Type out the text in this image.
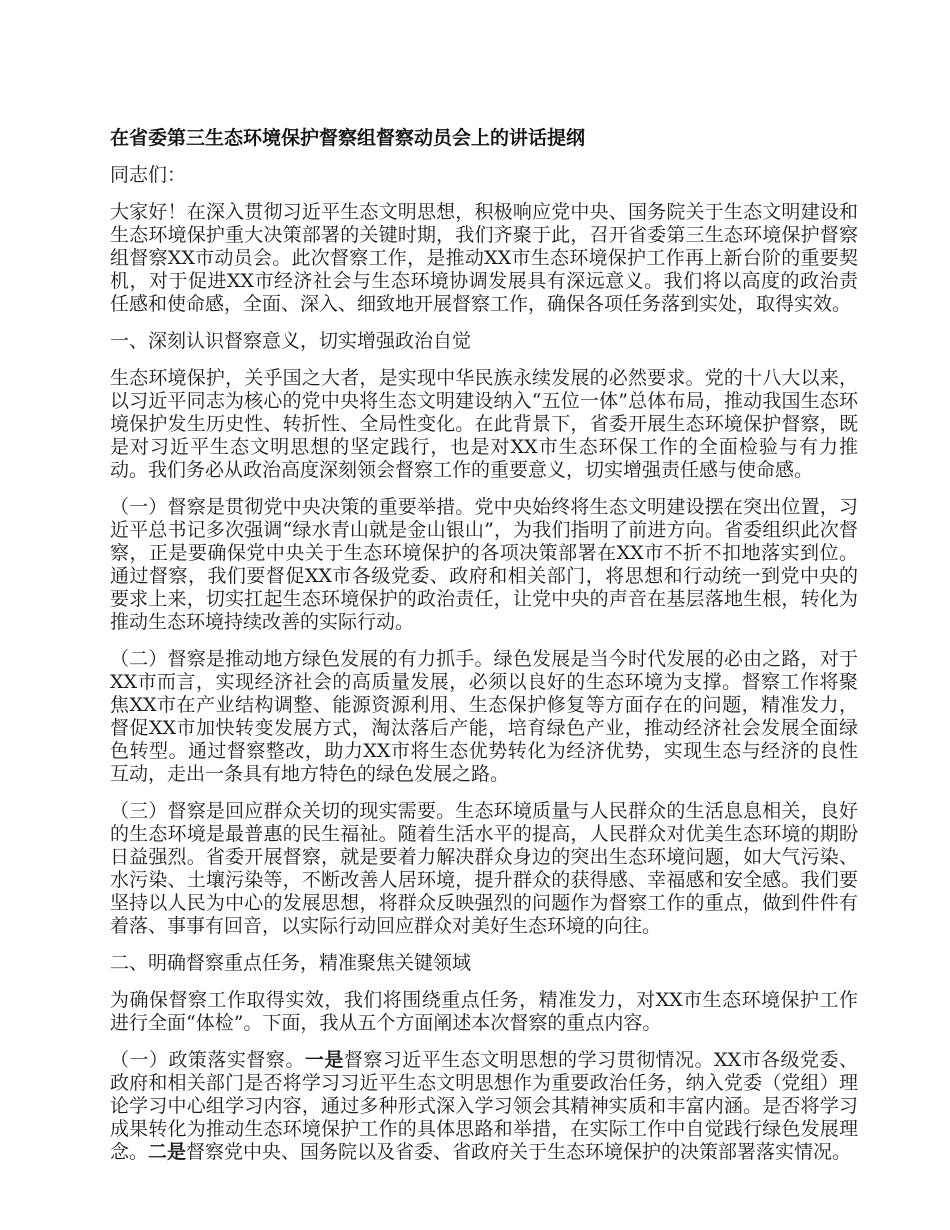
在省委第三生态环境保护督察组督察动员会上的讲话提纲

同志们：

大家好！在深入贯彻习近平生态文明思想，积极响应党中央、国务院关于生态文明建设和生态环境保护重大决策部署的关键时期，我们齐聚于此，召开省委第三生态环境保护督察组督察XX市动员会。此次督察工作，是推动XX市生态环境保护工作再上新台阶的重要契机，对于促进XX市经济社会与生态环境协调发展具有深远意义。我们将以高度的政治责任感和使命感，全面、深入、细致地开展督察工作，确保各项任务落到实处，取得实效。

一、深刻认识督察意义，切实增强政治自觉

生态环境保护，关乎国之大者，是实现中华民族永续发展的必然要求。党的十八大以来，以习近平同志为核心的党中央将生态文明建设纳入“五位一体”总体布局，推动我国生态环境保护发生历史性、转折性、全局性变化。在此背景下，省委开展生态环境保护督察，既是对习近平生态文明思想的坚定践行，也是对XX市生态环保工作的全面检验与有力推动。我们务必从政治高度深刻领会督察工作的重要意义，切实增强责任感与使命感。

（一）督察是贯彻党中央决策的重要举措。党中央始终将生态文明建设摆在突出位置，习近平总书记多次强调“绿水青山就是金山银山”，为我们指明了前进方向。省委组织此次督察，正是要确保党中央关于生态环境保护的各项决策部署在XX市不折不扣地落实到位。通过督察，我们要督促XX市各级党委、政府和相关部门，将思想和行动统一到党中央的要求上来，切实扛起生态环境保护的政治责任，让党中央的声音在基层落地生根，转化为推动生态环境持续改善的实际行动。

（二）督察是推动地方绿色发展的有力抓手。绿色发展是当今时代发展的必由之路，对于XX市而言，实现经济社会的高质量发展，必须以良好的生态环境为支撑。督察工作将聚焦XX市在产业结构调整、能源资源利用、生态保护修复等方面存在的问题，精准发力，督促XX市加快转变发展方式，淘汰落后产能，培育绿色产业，推动经济社会发展全面绿色转型。通过督察整改，助力XX市将生态优势转化为经济优势，实现生态与经济的良性互动，走出一条具有地方特色的绿色发展之路。

（三）督察是回应群众关切的现实需要。生态环境质量与人民群众的生活息息相关，良好的生态环境是最普惠的民生福祉。随着生活水平的提高，人民群众对优美生态环境的期盼日益强烈。省委开展督察，就是要着力解决群众身边的突出生态环境问题，如大气污染、水污染、土壤污染等，不断改善人居环境，提升群众的获得感、幸福感和安全感。我们要坚持以人民为中心的发展思想，将群众反映强烈的问题作为督察工作的重点，做到件件有着落、事事有回音，以实际行动回应群众对美好生态环境的向往。

二、明确督察重点任务，精准聚焦关键领域

为确保督察工作取得实效，我们将围绕重点任务，精准发力，对XX市生态环境保护工作进行全面“体检”。下面，我从五个方面阐述本次督察的重点内容。

（一）政策落实督察。一是督察习近平生态文明思想的学习贯彻情况。XX市各级党委、政府和相关部门是否将学习习近平生态文明思想作为重要政治任务，纳入党委（党组）理论学习中心组学习内容，通过多种形式深入学习领会其精神实质和丰富内涵。是否将学习成果转化为推动生态环境保护工作的具体思路和举措，在实际工作中自觉践行绿色发展理念。二是督察党中央、国务院以及省委、省政府关于生态环境保护的决策部署落实情况。
